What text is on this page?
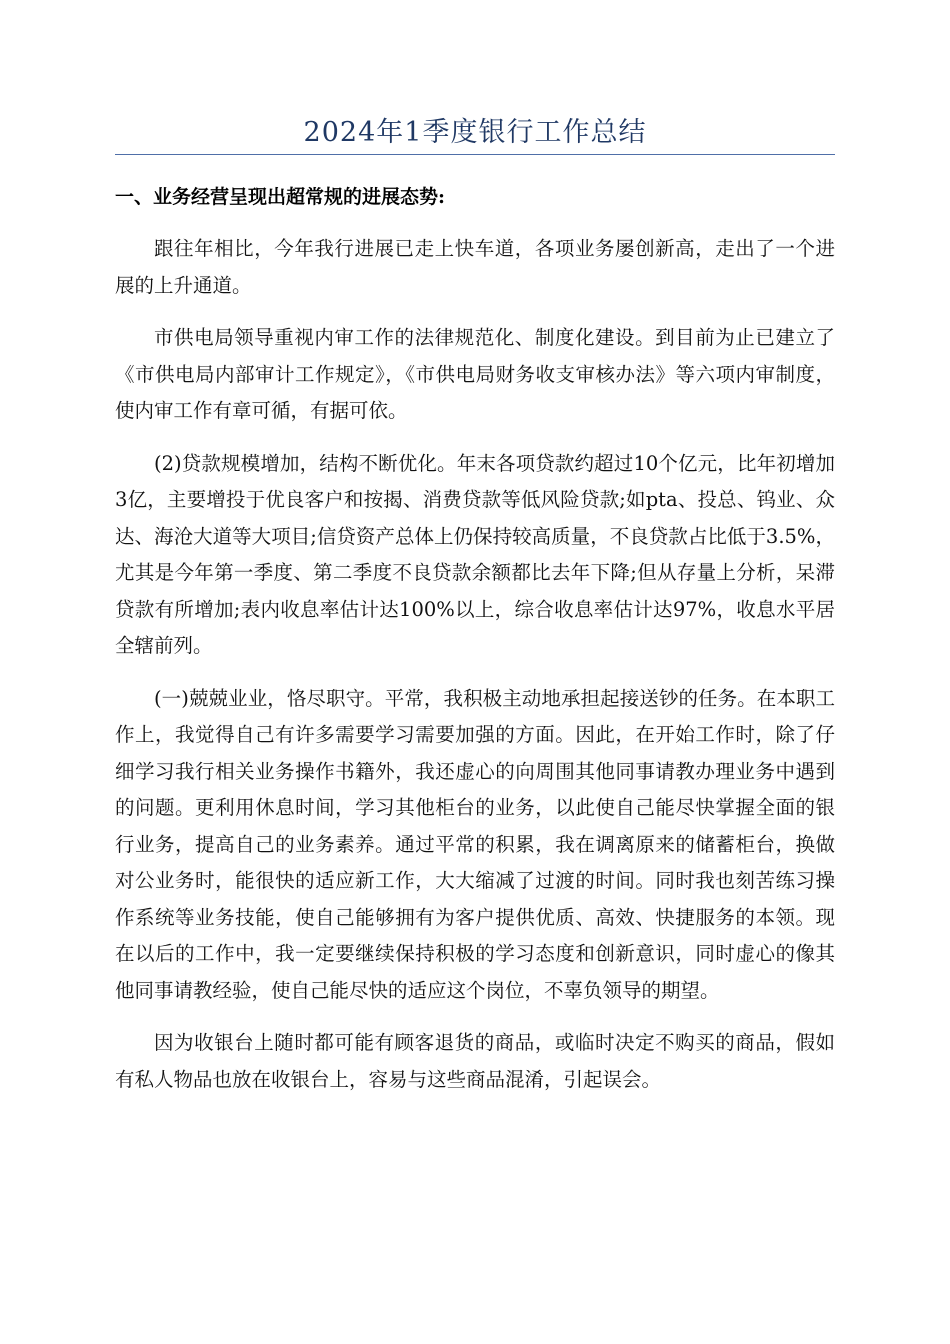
2024年1季度银行工作总结
一、业务经营呈现出超常规的进展态势:

跟往年相比，今年我行进展已走上快车道，各项业务屡创新高，走出了一个进展的上升通道。

市供电局领导重视内审工作的法律规范化、制度化建设。到目前为止已建立了《市供电局内部审计工作规定》，《市供电局财务收支审核办法》等六项内审制度，使内审工作有章可循，有据可依。

(2)贷款规模增加，结构不断优化。年末各项贷款约超过10个亿元，比年初增加3亿，主要增投于优良客户和按揭、消费贷款等低风险贷款;如pta、投总、钨业、众达、海沧大道等大项目;信贷资产总体上仍保持较高质量，不良贷款占比低于3.5%，尤其是今年第一季度、第二季度不良贷款余额都比去年下降;但从存量上分析，呆滞贷款有所增加;表内收息率估计达100%以上，综合收息率估计达97%，收息水平居全辖前列。

(一)兢兢业业，恪尽职守。平常，我积极主动地承担起接送钞的任务。在本职工作上，我觉得自己有许多需要学习需要加强的方面。因此，在开始工作时，除了仔细学习我行相关业务操作书籍外，我还虚心的向周围其他同事请教办理业务中遇到的问题。更利用休息时间，学习其他柜台的业务，以此使自己能尽快掌握全面的银行业务，提高自己的业务素养。通过平常的积累，我在调离原来的储蓄柜台，换做对公业务时，能很快的适应新工作，大大缩减了过渡的时间。同时我也刻苦练习操作系统等业务技能，使自己能够拥有为客户提供优质、高效、快捷服务的本领。现在以后的工作中，我一定要继续保持积极的学习态度和创新意识，同时虚心的像其他同事请教经验，使自己能尽快的适应这个岗位，不辜负领导的期望。

因为收银台上随时都可能有顾客退货的商品，或临时决定不购买的商品，假如有私人物品也放在收银台上，容易与这些商品混淆，引起误会。
